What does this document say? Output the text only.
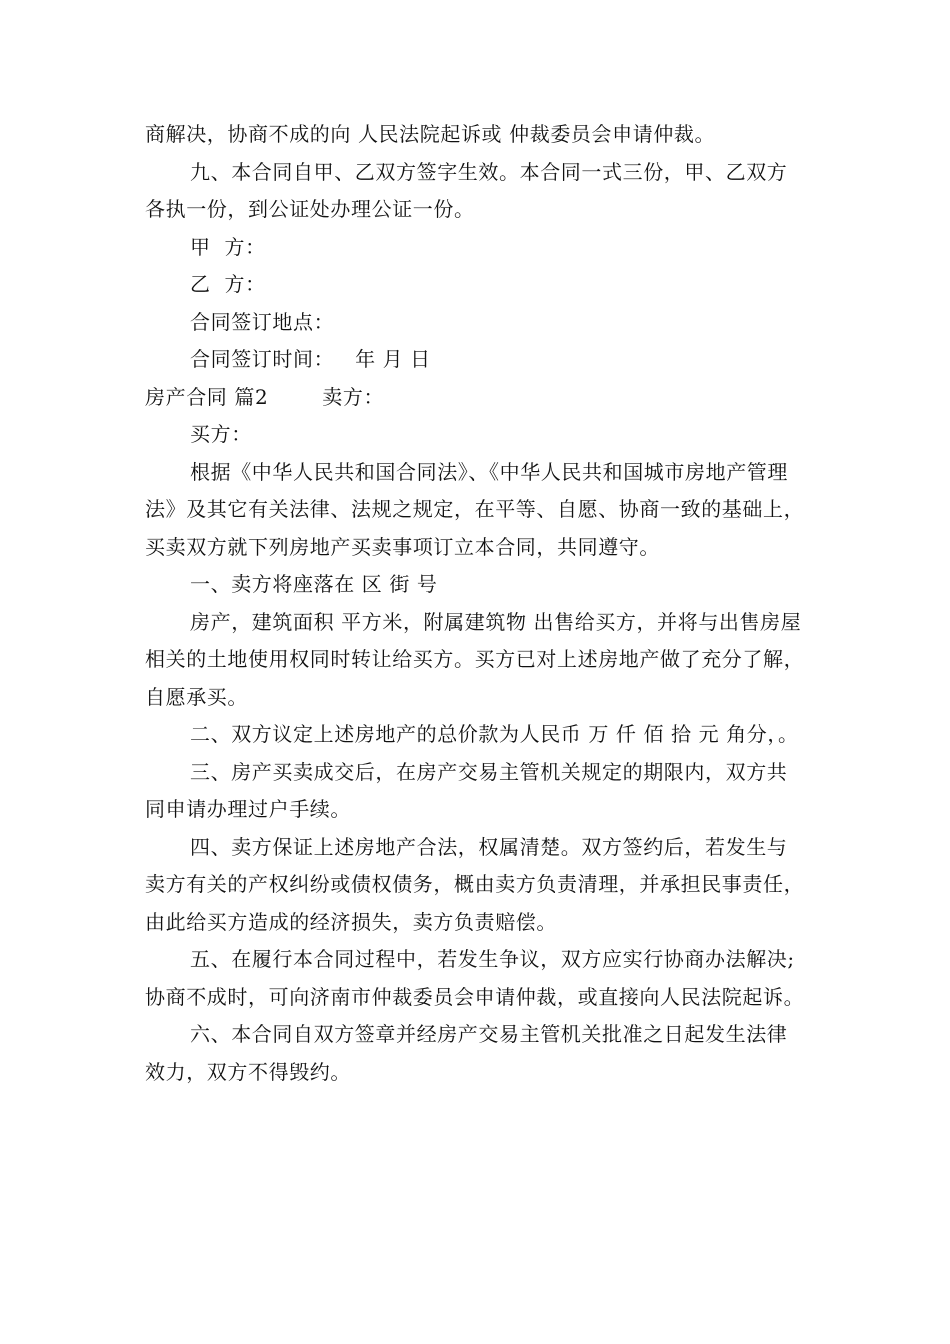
商解决，协商不成的向 人民法院起诉或 仲裁委员会申请仲裁。

九、本合同自甲、乙双方签字生效。本合同一式三份，甲、乙双方各执一份，到公证处办理公证一份。

甲  方：

乙  方：

合同签订地点：

合同签订时间：   年 月 日

房产合同 篇2	卖方：

买方：

根据《中华人民共和国合同法》、《中华人民共和国城市房地产管理法》及其它有关法律、法规之规定，在平等、自愿、协商一致的基础上，买卖双方就下列房地产买卖事项订立本合同，共同遵守。

一、卖方将座落在 区 街 号

房产，建筑面积 平方米，附属建筑物 出售给买方，并将与出售房屋相关的土地使用权同时转让给买方。买方已对上述房地产做了充分了解，自愿承买。

二、双方议定上述房地产的总价款为人民币 万 仟 佰 拾 元 角分，。

三、房产买卖成交后，在房产交易主管机关规定的期限内，双方共同申请办理过户手续。

四、卖方保证上述房地产合法，权属清楚。双方签约后，若发生与卖方有关的产权纠纷或债权债务，概由卖方负责清理，并承担民事责任，由此给买方造成的经济损失，卖方负责赔偿。

五、在履行本合同过程中，若发生争议，双方应实行协商办法解决;协商不成时，可向济南市仲裁委员会申请仲裁，或直接向人民法院起诉。

六、本合同自双方签章并经房产交易主管机关批准之日起发生法律效力，双方不得毁约。
